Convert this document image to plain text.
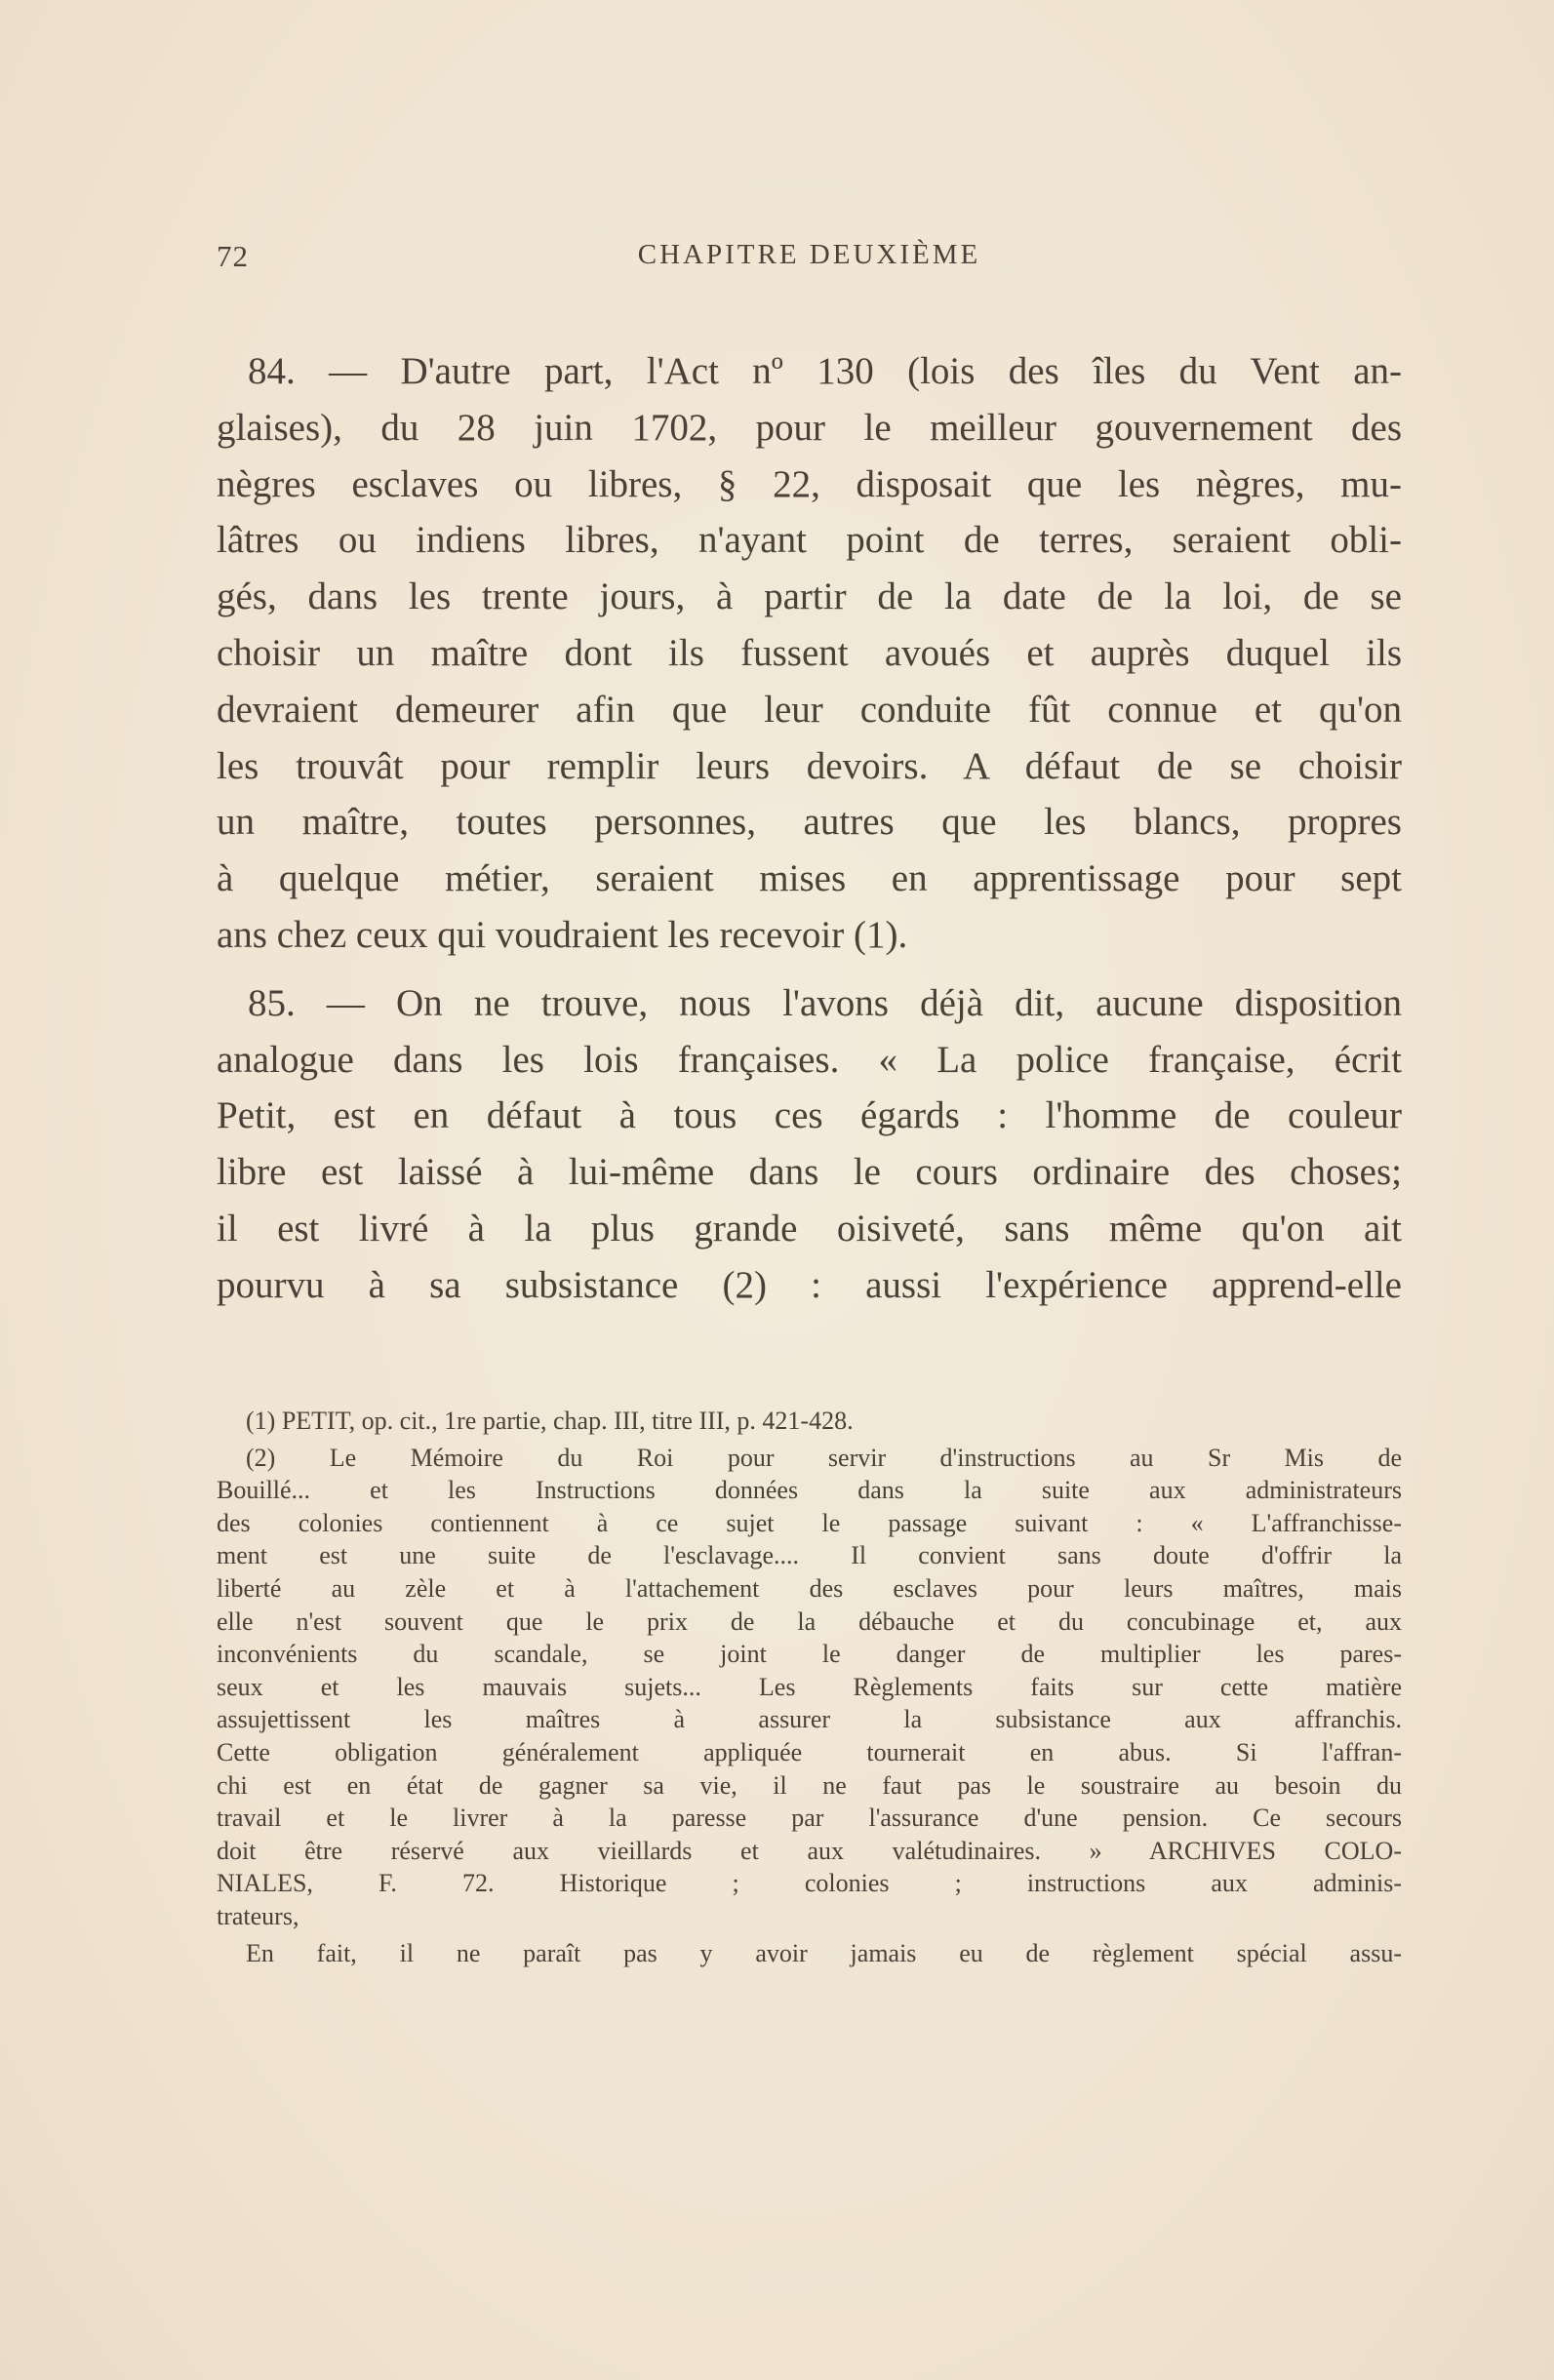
72	CHAPITRE DEUXIÈME
84. — D'autre part, l'Act nº 130 (lois des îles du Vent an-
glaises), du 28 juin 1702, pour le meilleur gouvernement des
nègres esclaves ou libres, § 22, disposait que les nègres, mu-
lâtres ou indiens libres, n'ayant point de terres, seraient obli-
gés, dans les trente jours, à partir de la date de la loi, de se
choisir un maître dont ils fussent avoués et auprès duquel ils
devraient demeurer afin que leur conduite fût connue et qu'on
les trouvât pour remplir leurs devoirs. A défaut de se choisir
un maître, toutes personnes, autres que les blancs, propres
à quelque métier, seraient mises en apprentissage pour sept
ans chez ceux qui voudraient les recevoir (1).
85. — On ne trouve, nous l'avons déjà dit, aucune disposition
analogue dans les lois françaises. « La police française, écrit
Petit, est en défaut à tous ces égards : l'homme de couleur
libre est laissé à lui-même dans le cours ordinaire des choses;
il est livré à la plus grande oisiveté, sans même qu'on ait
pourvu à sa subsistance (2) : aussi l'expérience apprend-elle
(1) PETIT, op. cit., 1re partie, chap. III, titre III, p. 421-428.
(2) Le Mémoire du Roi pour servir d'instructions au Sr Mis de
Bouillé... et les Instructions données dans la suite aux administrateurs
des colonies contiennent à ce sujet le passage suivant : « L'affranchisse-
ment est une suite de l'esclavage.... Il convient sans doute d'offrir la
liberté au zèle et à l'attachement des esclaves pour leurs maîtres, mais
elle n'est souvent que le prix de la débauche et du concubinage et, aux
inconvénients du scandale, se joint le danger de multiplier les pares-
seux et les mauvais sujets... Les Règlements faits sur cette matière
assujettissent les maîtres à assurer la subsistance aux affranchis.
Cette obligation généralement appliquée tournerait en abus. Si l'affran-
chi est en état de gagner sa vie, il ne faut pas le soustraire au besoin du
travail et le livrer à la paresse par l'assurance d'une pension. Ce secours
doit être réservé aux vieillards et aux valétudinaires. » ARCHIVES COLO-
NIALES, F. 72. Historique ; colonies ; instructions aux adminis-
trateurs,
En fait, il ne paraît pas y avoir jamais eu de règlement spécial assu-
